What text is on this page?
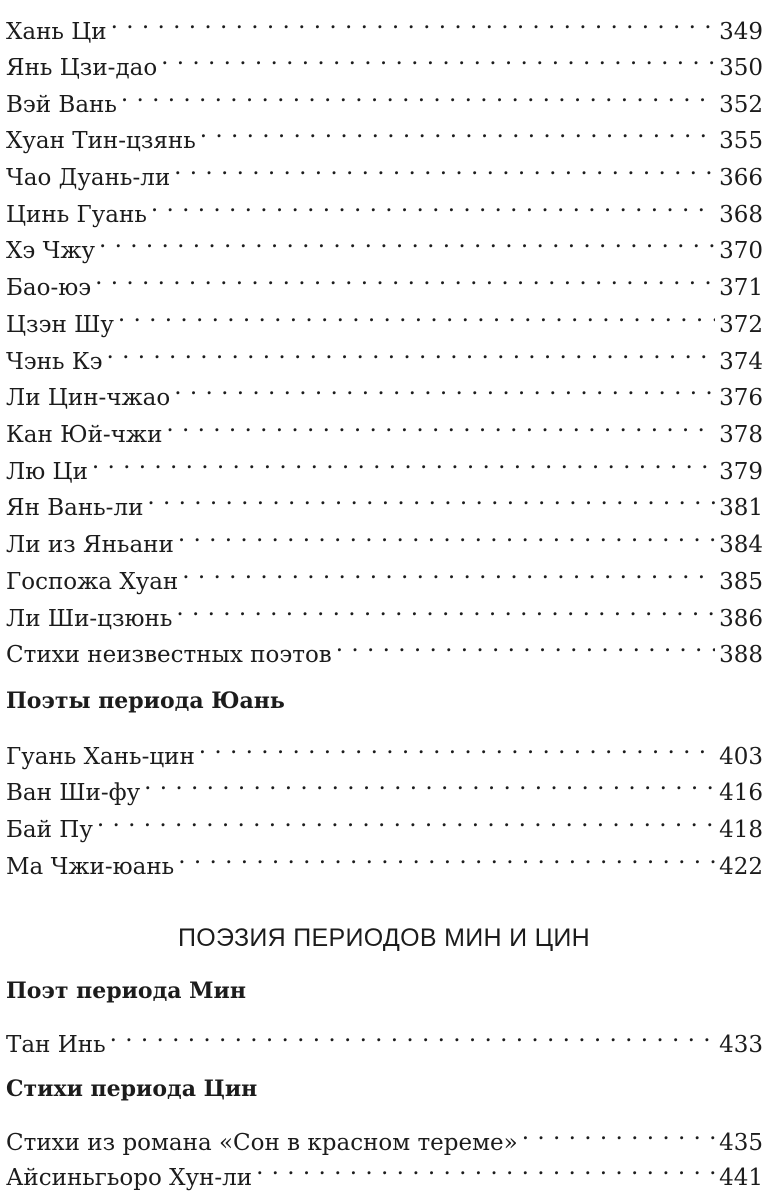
Хань Ци . . .	349
Янь Цзи-дао . . .	350
Вэй Вань . . .	352
Хуан Тин-цзянь . . .	355
Чао Дуань-ли . . .	366
Цинь Гуань . . .	368
Хэ Чжу . . .	370
Бао-юэ . . .	371
Цзэн Шу . . .	372
Чэнь Кэ . . .	374
Ли Цин-чжао . . .	376
Кан Юй-чжи . . .	378
Лю Ци . . .	379
Ян Вань-ли . . .	381
Ли из Яньани . . .	384
Госпожа Хуан . . .	385
Ли Ши-цзюнь . . .	386
Стихи неизвестных поэтов . . .	388
Поэты периода Юань
Гуань Хань-цин . . .	403
Ван Ши-фу . . .	416
Бай Пу . . .	418
Ма Чжи-юань . . .	422
ПОЭЗИЯ ПЕРИОДОВ МИН И ЦИН
Поэт периода Мин
Тан Инь . . .	433
Стихи периода Цин
Стихи из романа «Сон в красном тереме» . . .	435
Айсиньгьоро Хун-ли . . .	441
